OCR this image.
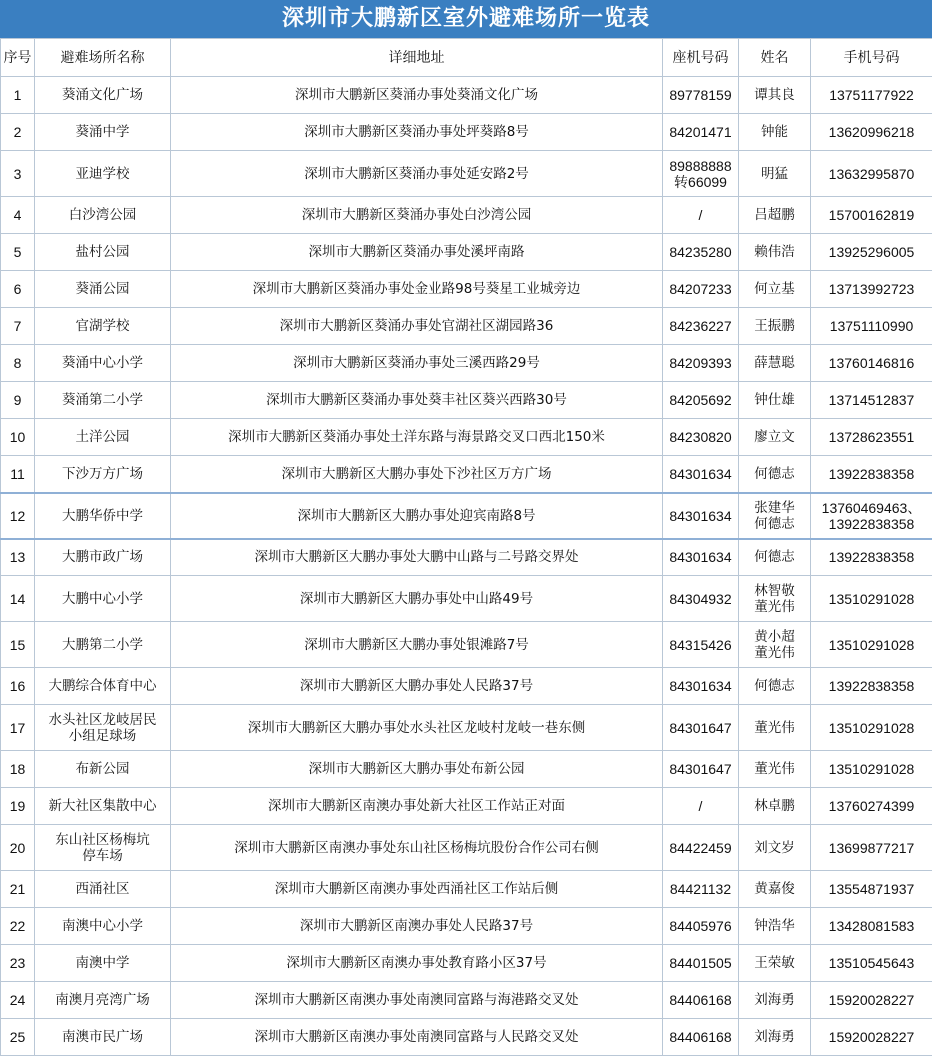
深圳市大鹏新区室外避难场所一览表
序号	避难场所名称	详细地址	座机号码	姓名	手机号码
1	葵涌文化广场	深圳市大鹏新区葵涌办事处葵涌文化广场	89778159	谭其良	13751177922
2	葵涌中学	深圳市大鹏新区葵涌办事处坪葵路8号	84201471	钟能	13620996218
3	亚迪学校	深圳市大鹏新区葵涌办事处延安路2号	89888888
转66099	明猛	13632995870
4	白沙湾公园	深圳市大鹏新区葵涌办事处白沙湾公园	/	吕超鹏	15700162819
5	盐村公园	深圳市大鹏新区葵涌办事处溪坪南路	84235280	赖伟浩	13925296005
6	葵涌公园	深圳市大鹏新区葵涌办事处金业路98号葵星工业城旁边	84207233	何立基	13713992723
7	官湖学校	深圳市大鹏新区葵涌办事处官湖社区湖园路36	84236227	王振鹏	13751110990
8	葵涌中心小学	深圳市大鹏新区葵涌办事处三溪西路29号	84209393	薛慧聪	13760146816
9	葵涌第二小学	深圳市大鹏新区葵涌办事处葵丰社区葵兴西路30号	84205692	钟仕雄	13714512837
10	土洋公园	深圳市大鹏新区葵涌办事处土洋东路与海景路交叉口西北150米	84230820	廖立文	13728623551
11	下沙万方广场	深圳市大鹏新区大鹏办事处下沙社区万方广场	84301634	何德志	13922838358
12	大鹏华侨中学	深圳市大鹏新区大鹏办事处迎宾南路8号	84301634	张建华
何德志	13760469463、
13922838358
13	大鹏市政广场	深圳市大鹏新区大鹏办事处大鹏中山路与二号路交界处	84301634	何德志	13922838358
14	大鹏中心小学	深圳市大鹏新区大鹏办事处中山路49号	84304932	林智敬
董光伟	13510291028
15	大鹏第二小学	深圳市大鹏新区大鹏办事处银滩路7号	84315426	黄小超
董光伟	13510291028
16	大鹏综合体育中心	深圳市大鹏新区大鹏办事处人民路37号	84301634	何德志	13922838358
17	水头社区龙岐居民
小组足球场	深圳市大鹏新区大鹏办事处水头社区龙岐村龙岐一巷东侧	84301647	董光伟	13510291028
18	布新公园	深圳市大鹏新区大鹏办事处布新公园	84301647	董光伟	13510291028
19	新大社区集散中心	深圳市大鹏新区南澳办事处新大社区工作站正对面	/	林卓鹏	13760274399
20	东山社区杨梅坑
停车场	深圳市大鹏新区南澳办事处东山社区杨梅坑股份合作公司右侧	84422459	刘文岁	13699877217
21	西涌社区	深圳市大鹏新区南澳办事处西涌社区工作站后侧	84421132	黄嘉俊	13554871937
22	南澳中心小学	深圳市大鹏新区南澳办事处人民路37号	84405976	钟浩华	13428081583
23	南澳中学	深圳市大鹏新区南澳办事处教育路小区37号	84401505	王荣敏	13510545643
24	南澳月亮湾广场	深圳市大鹏新区南澳办事处南澳同富路与海港路交叉处	84406168	刘海勇	15920028227
25	南澳市民广场	深圳市大鹏新区南澳办事处南澳同富路与人民路交叉处	84406168	刘海勇	15920028227
